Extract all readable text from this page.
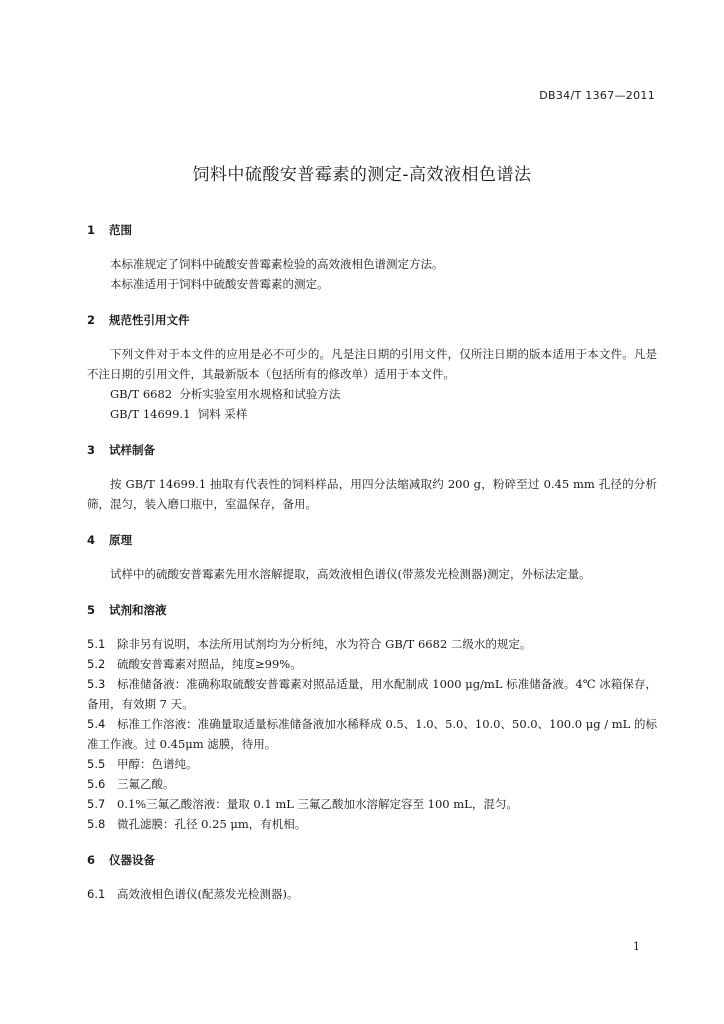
DB34/T 1367—2011
饲料中硫酸安普霉素的测定-高效液相色谱法
1 范围
本标准规定了饲料中硫酸安普霉素检验的高效液相色谱测定方法。
本标准适用于饲料中硫酸安普霉素的测定。
2 规范性引用文件
下列文件对于本文件的应用是必不可少的。凡是注日期的引用文件，仅所注日期的版本适用于本文件。凡是不注日期的引用文件，其最新版本（包括所有的修改单）适用于本文件。
GB/T 6682  分析实验室用水规格和试验方法
GB/T 14699.1  饲料 采样
3 试样制备
按 GB/T 14699.1 抽取有代表性的饲料样品，用四分法缩减取约 200 g，粉碎至过 0.45 mm 孔径的分析筛，混匀，装入磨口瓶中，室温保存，备用。
4 原理
试样中的硫酸安普霉素先用水溶解提取，高效液相色谱仪(带蒸发光检测器)测定，外标法定量。
5 试剂和溶液
5.1 除非另有说明，本法所用试剂均为分析纯，水为符合 GB/T 6682 二级水的规定。
5.2 硫酸安普霉素对照品，纯度≥99%。
5.3 标准储备液：准确称取硫酸安普霉素对照品适量，用水配制成 1000 μg/mL 标准储备液。4℃ 冰箱保存，备用，有效期 7 天。
5.4 标准工作溶液：准确量取适量标准储备液加水稀释成 0.5、1.0、5.0、10.0、50.0、100.0 μg / mL 的标准工作液。过 0.45μm 滤膜，待用。
5.5 甲醇：色谱纯。
5.6 三氟乙酸。
5.7 0.1%三氟乙酸溶液：量取 0.1 mL 三氟乙酸加水溶解定容至 100 mL，混匀。
5.8 微孔滤膜：孔径 0.25 μm，有机相。
6 仪器设备
6.1 高效液相色谱仪(配蒸发光检测器)。
1
